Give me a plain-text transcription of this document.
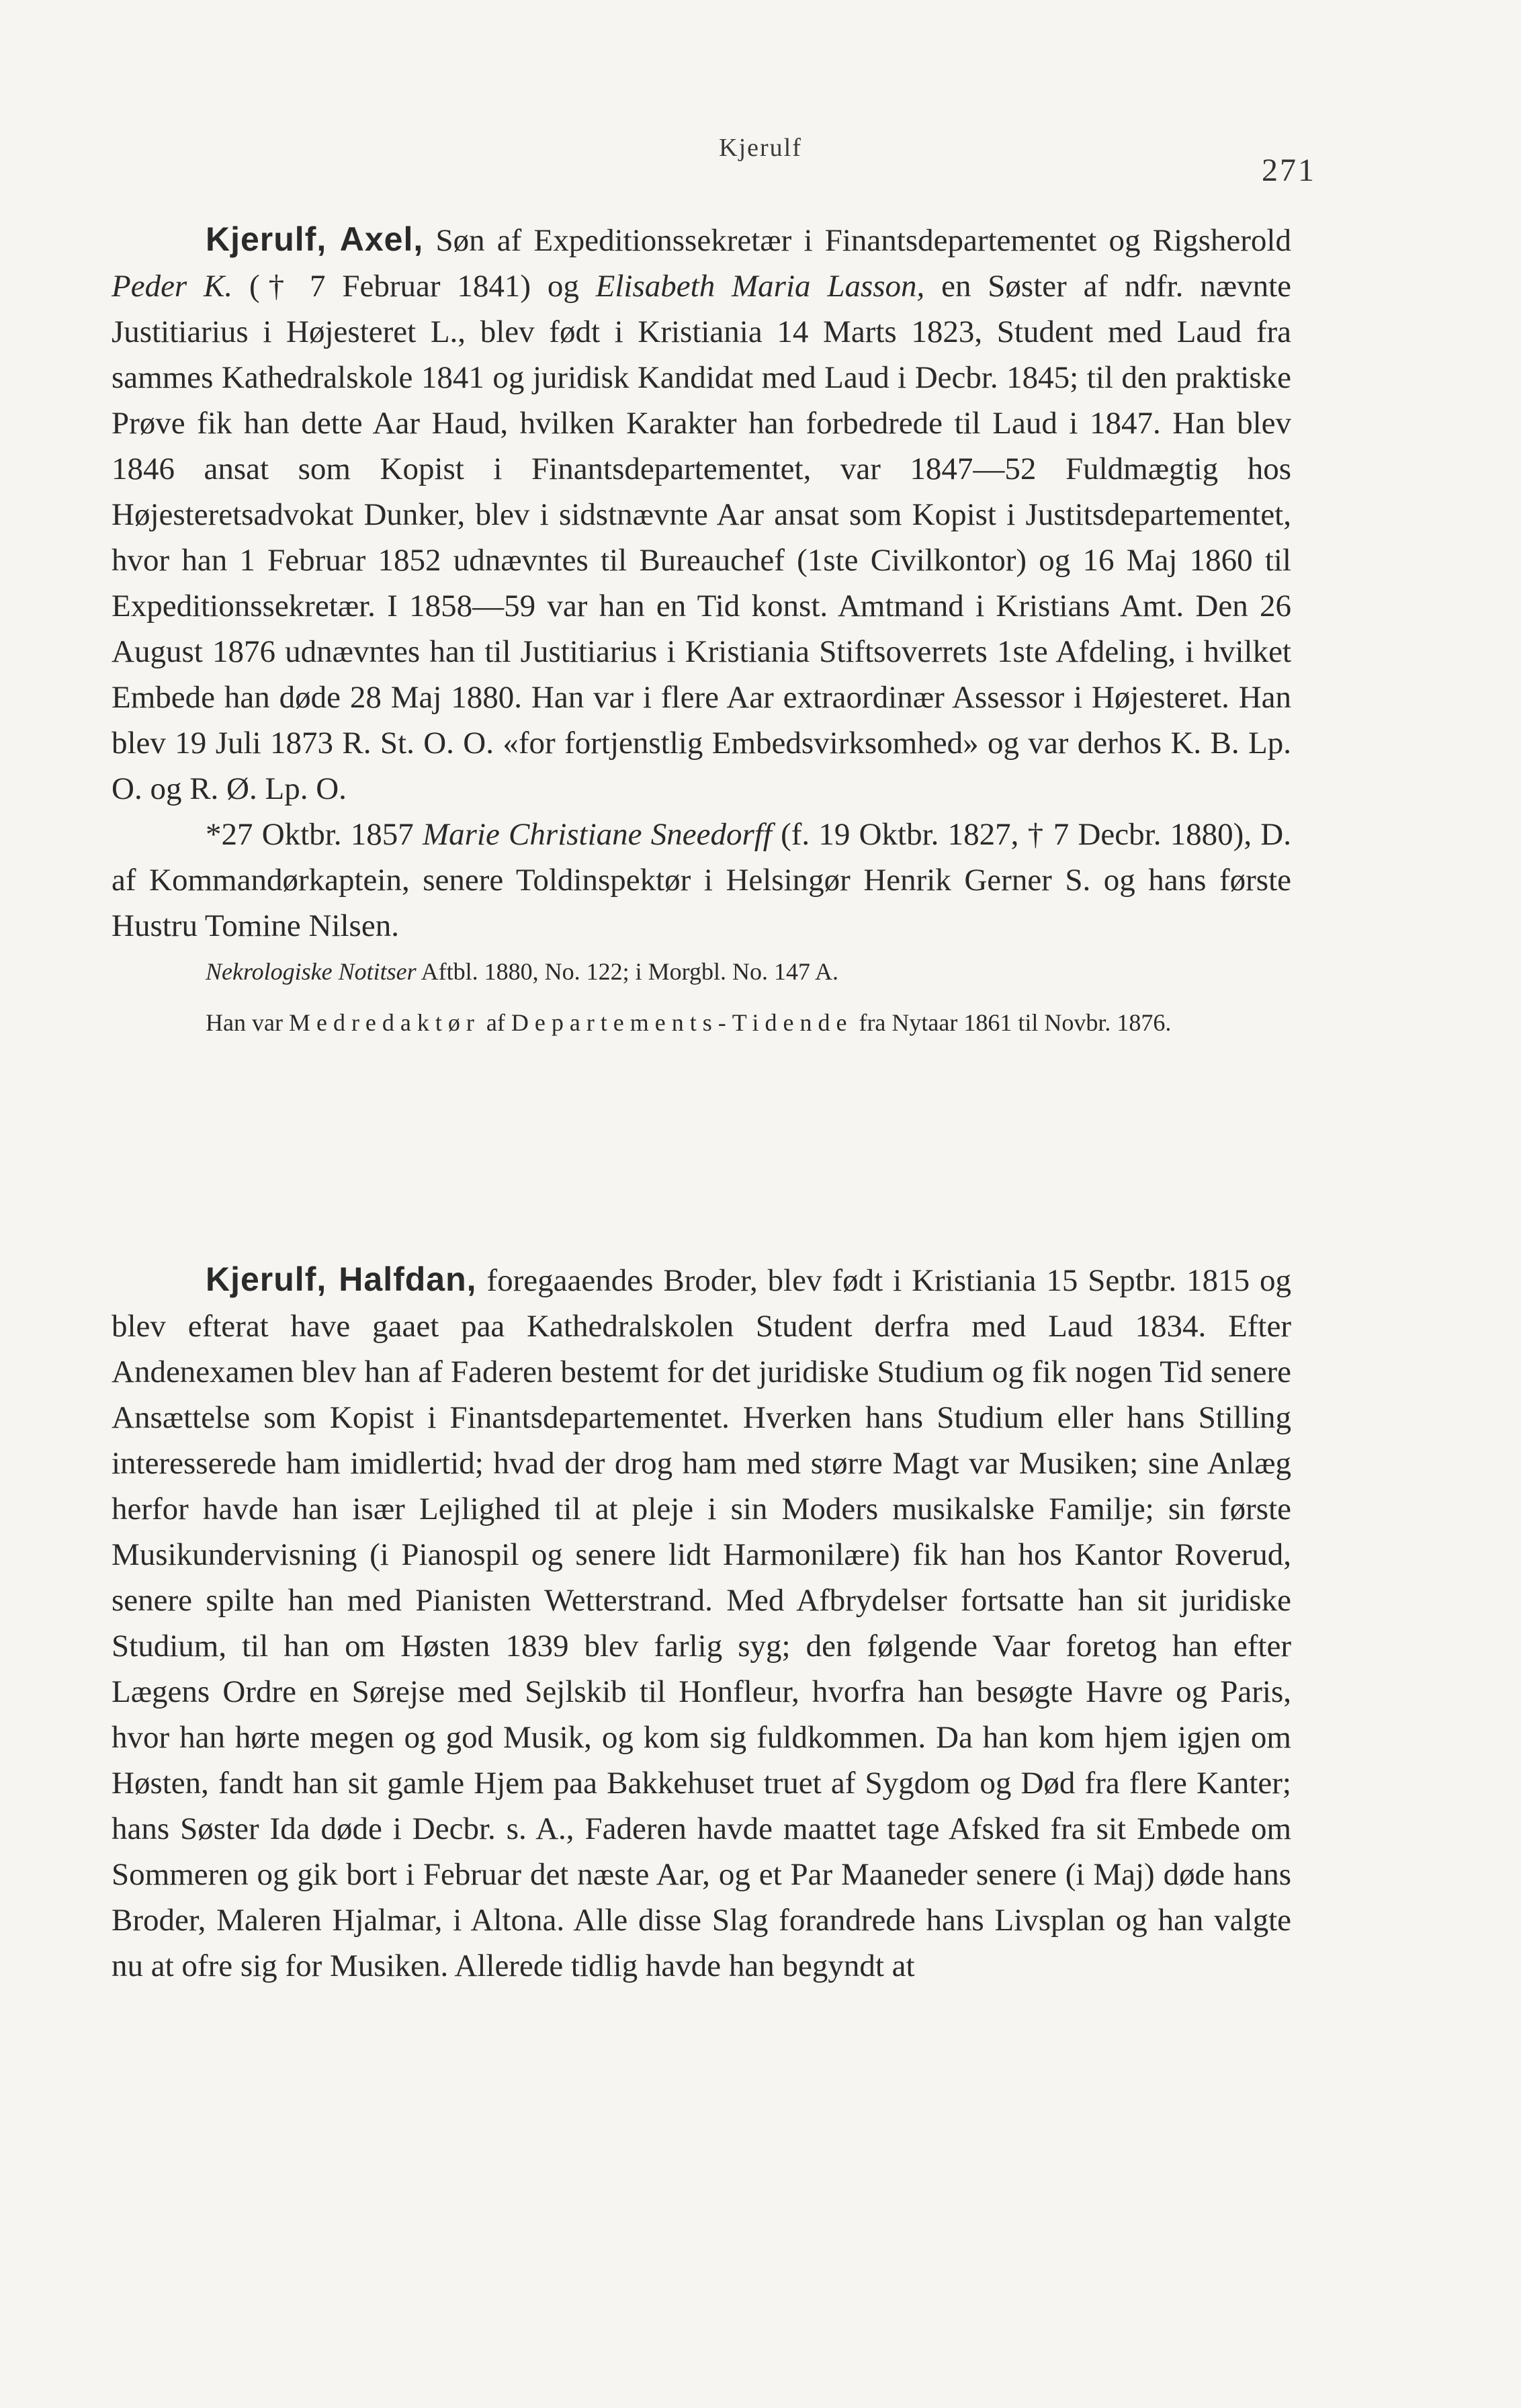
Kjerulf
271

Kjerulf, Axel, Søn af Expeditionssekretær i Finantsdepartementet og Rigsherold Peder K. († 7 Februar 1841) og Elisabeth Maria Lasson, en Søster af ndfr. nævnte Justitiarius i Højesteret L., blev født i Kristiania 14 Marts 1823, Student med Laud fra sammes Kathedralskole 1841 og juridisk Kandidat med Laud i Decbr. 1845; til den praktiske Prøve fik han dette Aar Haud, hvilken Karakter han forbedrede til Laud i 1847. Han blev 1846 ansat som Kopist i Finantsdepartementet, var 1847—52 Fuldmægtig hos Højesteretsadvokat Dunker, blev i sidstnævnte Aar ansat som Kopist i Justitsdepartementet, hvor han 1 Februar 1852 udnævntes til Bureauchef (1ste Civilkontor) og 16 Maj 1860 til Expeditionssekretær. I 1858—59 var han en Tid konst. Amtmand i Kristians Amt. Den 26 August 1876 udnævntes han til Justitiarius i Kristiania Stiftsoverrets 1ste Afdeling, i hvilket Embede han døde 28 Maj 1880. Han var i flere Aar extraordinær Assessor i Højesteret. Han blev 19 Juli 1873 R. St. O. O. «for fortjenstlig Embedsvirksomhed» og var derhos K. B. Lp. O. og R. Ø. Lp. O.

*27 Oktbr. 1857 Marie Christiane Sneedorff (f. 19 Oktbr. 1827, † 7 Decbr. 1880), D. af Kommandørkaptein, senere Toldinspektør i Helsingør Henrik Gerner S. og hans første Hustru Tomine Nilsen.

Nekrologiske Notitser Aftbl. 1880, No. 122; i Morgbl. No. 147 A.

Han var Medredaktør af Departements-Tidende fra Nytaar 1861 til Novbr. 1876.

Kjerulf, Halfdan, foregaaendes Broder, blev født i Kristiania 15 Septbr. 1815 og blev efterat have gaaet paa Kathedralskolen Student derfra med Laud 1834. Efter Andenexamen blev han af Faderen bestemt for det juridiske Studium og fik nogen Tid senere Ansættelse som Kopist i Finantsdepartementet. Hverken hans Studium eller hans Stilling interesserede ham imidlertid; hvad der drog ham med større Magt var Musiken; sine Anlæg herfor havde han især Lejlighed til at pleje i sin Moders musikalske Familje; sin første Musikundervisning (i Pianospil og senere lidt Harmonilære) fik han hos Kantor Roverud, senere spilte han med Pianisten Wetterstrand. Med Afbrydelser fortsatte han sit juridiske Studium, til han om Høsten 1839 blev farlig syg; den følgende Vaar foretog han efter Lægens Ordre en Sørejse med Sejlskib til Honfleur, hvorfra han besøgte Havre og Paris, hvor han hørte megen og god Musik, og kom sig fuldkommen. Da han kom hjem igjen om Høsten, fandt han sit gamle Hjem paa Bakkehuset truet af Sygdom og Død fra flere Kanter; hans Søster Ida døde i Decbr. s. A., Faderen havde maattet tage Afsked fra sit Embede om Sommeren og gik bort i Februar det næste Aar, og et Par Maaneder senere (i Maj) døde hans Broder, Maleren Hjalmar, i Altona. Alle disse Slag forandrede hans Livsplan og han valgte nu at ofre sig for Musiken. Allerede tidlig havde han begyndt at
